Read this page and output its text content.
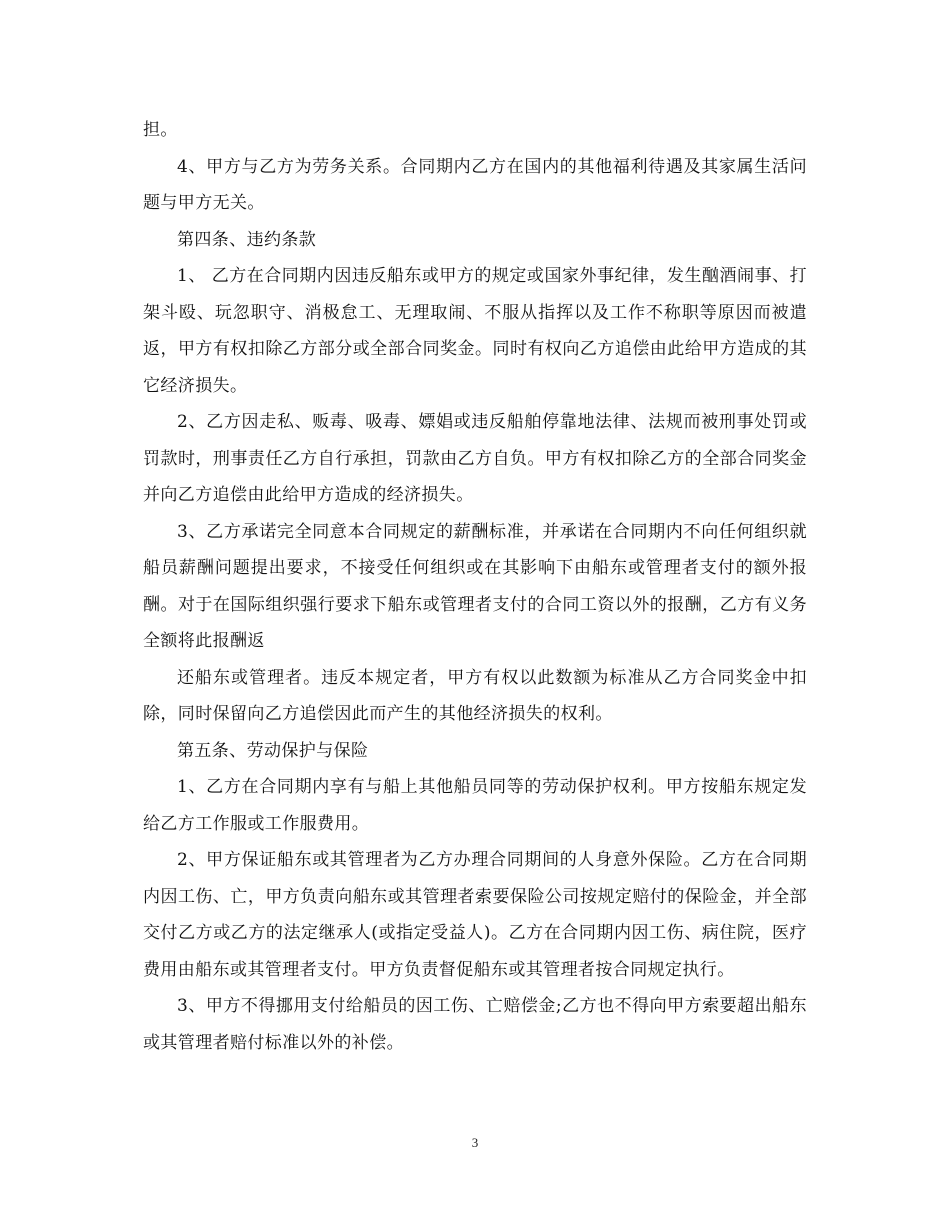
担。

4、甲方与乙方为劳务关系。合同期内乙方在国内的其他福利待遇及其家属生活问题与甲方无关。

第四条、违约条款

1、 乙方在合同期内因违反船东或甲方的规定或国家外事纪律，发生酗酒闹事、打架斗殴、玩忽职守、消极怠工、无理取闹、不服从指挥以及工作不称职等原因而被遣返，甲方有权扣除乙方部分或全部合同奖金。同时有权向乙方追偿由此给甲方造成的其它经济损失。

2、乙方因走私、贩毒、吸毒、嫖娼或违反船舶停靠地法律、法规而被刑事处罚或罚款时，刑事责任乙方自行承担，罚款由乙方自负。甲方有权扣除乙方的全部合同奖金并向乙方追偿由此给甲方造成的经济损失。

3、乙方承诺完全同意本合同规定的薪酬标准，并承诺在合同期内不向任何组织就船员薪酬问题提出要求，不接受任何组织或在其影响下由船东或管理者支付的额外报酬。对于在国际组织强行要求下船东或管理者支付的合同工资以外的报酬，乙方有义务全额将此报酬返

还船东或管理者。违反本规定者，甲方有权以此数额为标准从乙方合同奖金中扣除，同时保留向乙方追偿因此而产生的其他经济损失的权利。

第五条、劳动保护与保险

1、乙方在合同期内享有与船上其他船员同等的劳动保护权利。甲方按船东规定发给乙方工作服或工作服费用。

2、甲方保证船东或其管理者为乙方办理合同期间的人身意外保险。乙方在合同期内因工伤、亡，甲方负责向船东或其管理者索要保险公司按规定赔付的保险金，并全部交付乙方或乙方的法定继承人(或指定受益人)。乙方在合同期内因工伤、病住院，医疗费用由船东或其管理者支付。甲方负责督促船东或其管理者按合同规定执行。

3、甲方不得挪用支付给船员的因工伤、亡赔偿金;乙方也不得向甲方索要超出船东或其管理者赔付标准以外的补偿。

3
